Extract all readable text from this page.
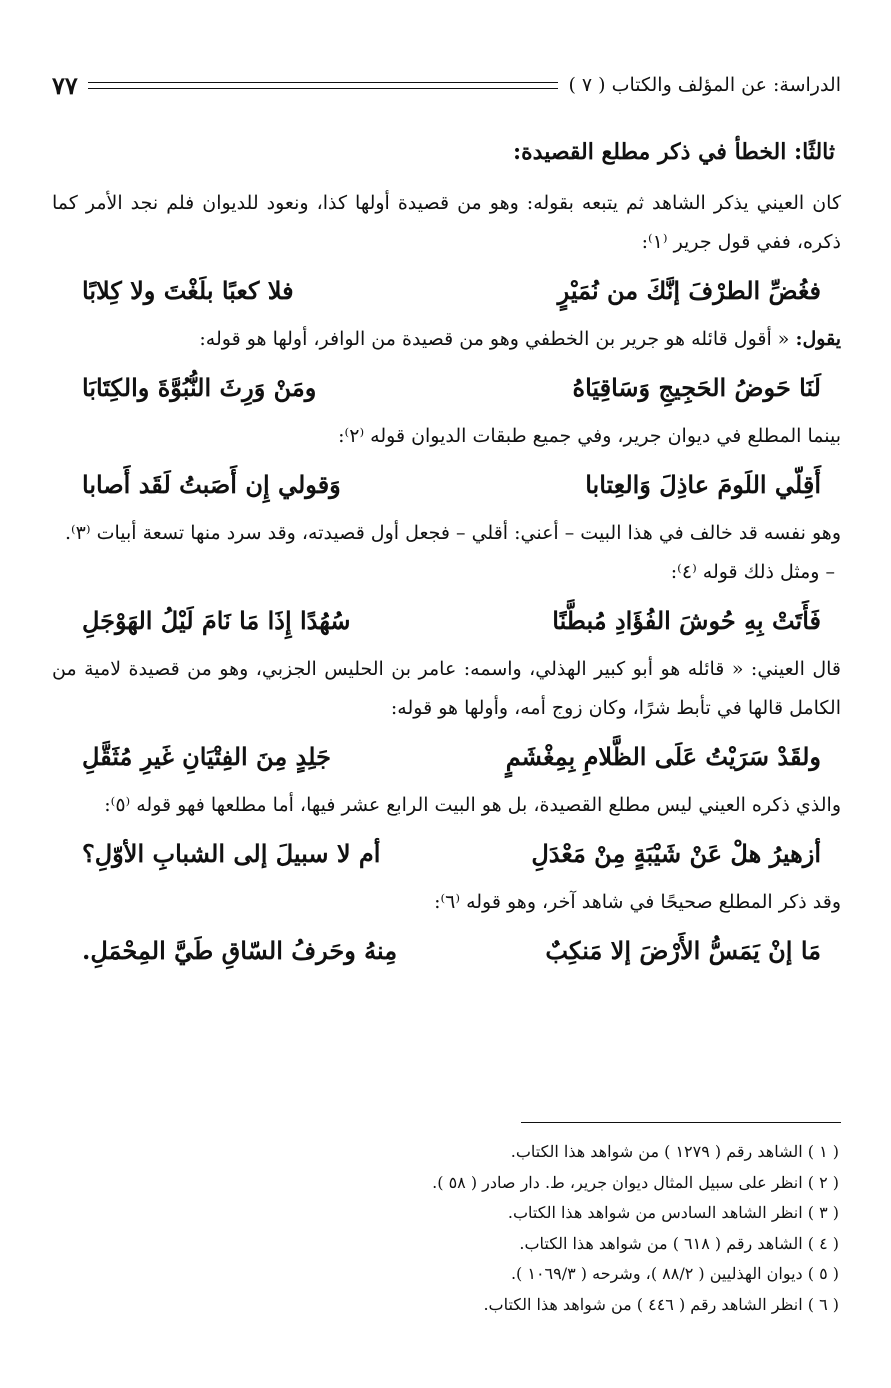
الدراسة: عن المؤلف والكتاب ( ٧ )
٧٧
ثالثًا: الخطأ في ذكر مطلع القصيدة:

كان العيني يذكر الشاهد ثم يتبعه بقوله: وهو من قصيدة أولها كذا، ونعود للديوان فلم نجد الأمر كما ذكره، ففي قول جرير ⁽١⁾:

فغُضِّ الطرْفَ إنَّكَ من نُمَيْرٍ
فلا كعبًا بلَغْتَ ولا كِلابًا

يقول: « أقول قائله هو جرير بن الخطفي وهو من قصيدة من الوافر، أولها هو قوله:

لَنَا حَوضُ الحَجِيجِ وَسَاقِيَاهُ
ومَنْ وَرِثَ النُّبُوَّةَ والكِتَابَا

بينما المطلع في ديوان جرير، وفي جميع طبقات الديوان قوله ⁽٢⁾:

أَقِلّي اللَومَ عاذِلَ وَالعِتابا
وَقولي إِن أَصَبتُ لَقَد أَصابا

وهو نفسه قد خالف في هذا البيت – أعني: أقلي – فجعل أول قصيدته، وقد سرد منها تسعة أبيات ⁽٣⁾.

– ومثل ذلك قوله ⁽٤⁾:

فَأَتَتْ بِهِ حُوشَ الفُؤَادِ مُبطَّنًا
سُهُدًا إِذَا مَا نَامَ لَيْلُ الهَوْجَلِ

قال العيني: « قائله هو أبو كبير الهذلي، واسمه: عامر بن الحليس الجزبي، وهو من قصيدة لامية من الكامل قالها في تأبط شرًا، وكان زوج أمه، وأولها هو قوله:

ولقَدْ سَرَيْتُ عَلَى الظَّلامِ بِمِغْشَمٍ
جَلِدٍ مِنَ الفِتْيَانِ غَيرِ مُثَقَّلِ

والذي ذكره العيني ليس مطلع القصيدة، بل هو البيت الرابع عشر فيها، أما مطلعها فهو قوله ⁽٥⁾:

أزهيرُ هلْ عَنْ شَيْبَةٍ مِنْ مَعْدَلِ
أم لا سبيلَ إلى الشبابِ الأوّلِ؟

وقد ذكر المطلع صحيحًا في شاهد آخر، وهو قوله ⁽٦⁾:

مَا إنْ يَمَسُّ الأَرْضَ إلا مَنكِبٌ
مِنهُ وحَرفُ السّاقِ طَيَّ المِحْمَلِ.
( ١ ) الشاهد رقم ( ١٢٧٩ ) من شواهد هذا الكتاب.
( ٢ ) انظر على سبيل المثال ديوان جرير، ط. دار صادر ( ٥٨ ).
( ٣ ) انظر الشاهد السادس من شواهد هذا الكتاب.
( ٤ ) الشاهد رقم ( ٦١٨ ) من شواهد هذا الكتاب.
( ٥ ) ديوان الهذليين ( ٨٨/٢ )، وشرحه ( ١٠٦٩/٣ ).
( ٦ ) انظر الشاهد رقم ( ٤٤٦ ) من شواهد هذا الكتاب.
